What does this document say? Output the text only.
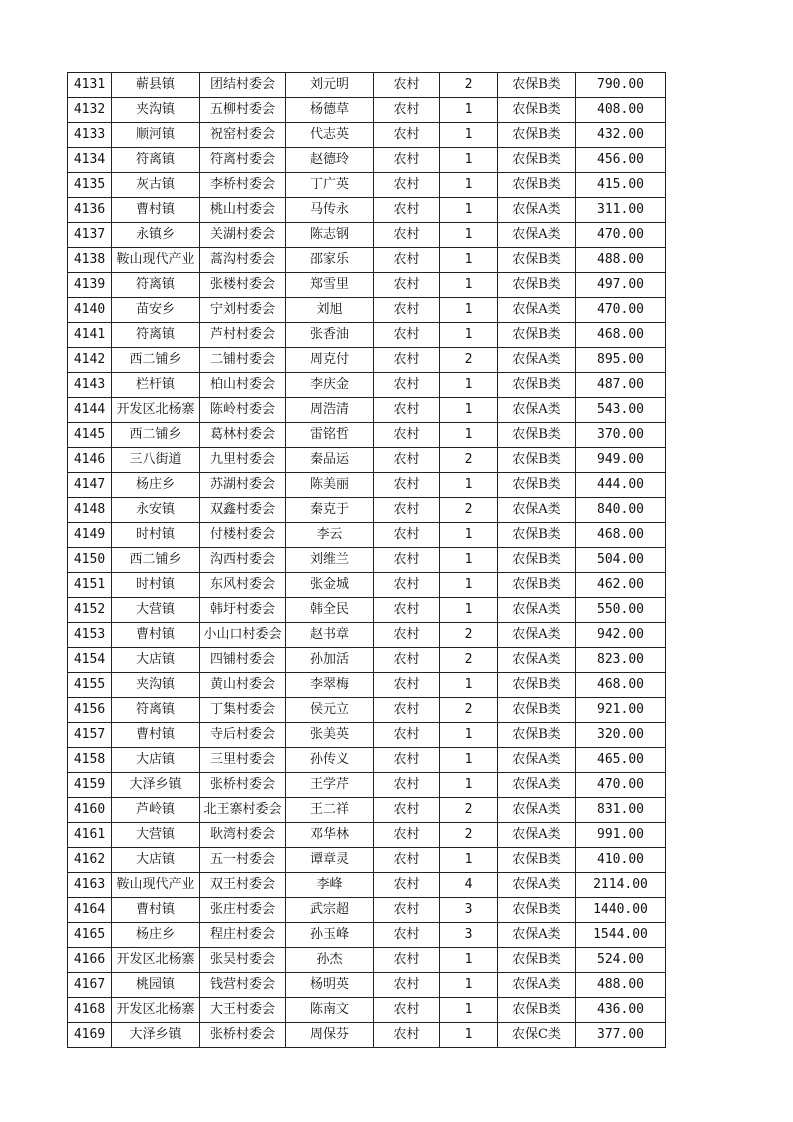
4131	蕲县镇	团结村委会	刘元明	农村	2	农保B类	790.00
4132	夹沟镇	五柳村委会	杨德草	农村	1	农保B类	408.00
4133	顺河镇	祝窑村委会	代志英	农村	1	农保B类	432.00
4134	符离镇	符离村委会	赵德玲	农村	1	农保B类	456.00
4135	灰古镇	李桥村委会	丁广英	农村	1	农保B类	415.00
4136	曹村镇	桃山村委会	马传永	农村	1	农保A类	311.00
4137	永镇乡	关湖村委会	陈志钢	农村	1	农保A类	470.00
4138	鞍山现代产业	蒿沟村委会	邵家乐	农村	1	农保B类	488.00
4139	符离镇	张楼村委会	郑雪里	农村	1	农保B类	497.00
4140	苗安乡	宁刘村委会	刘旭	农村	1	农保A类	470.00
4141	符离镇	芦村村委会	张香油	农村	1	农保B类	468.00
4142	西二铺乡	二铺村委会	周克付	农村	2	农保A类	895.00
4143	栏杆镇	柏山村委会	李庆金	农村	1	农保B类	487.00
4144	开发区北杨寨	陈岭村委会	周浩清	农村	1	农保A类	543.00
4145	西二铺乡	葛林村委会	雷铭哲	农村	1	农保B类	370.00
4146	三八街道	九里村委会	秦品运	农村	2	农保B类	949.00
4147	杨庄乡	苏湖村委会	陈美丽	农村	1	农保B类	444.00
4148	永安镇	双鑫村委会	秦克于	农村	2	农保A类	840.00
4149	时村镇	付楼村委会	李云	农村	1	农保B类	468.00
4150	西二铺乡	沟西村委会	刘维兰	农村	1	农保B类	504.00
4151	时村镇	东风村委会	张金城	农村	1	农保B类	462.00
4152	大营镇	韩圩村委会	韩全民	农村	1	农保A类	550.00
4153	曹村镇	小山口村委会	赵书章	农村	2	农保A类	942.00
4154	大店镇	四铺村委会	孙加活	农村	2	农保A类	823.00
4155	夹沟镇	黄山村委会	李翠梅	农村	1	农保B类	468.00
4156	符离镇	丁集村委会	侯元立	农村	2	农保B类	921.00
4157	曹村镇	寺后村委会	张美英	农村	1	农保B类	320.00
4158	大店镇	三里村委会	孙传义	农村	1	农保A类	465.00
4159	大泽乡镇	张桥村委会	王学芹	农村	1	农保A类	470.00
4160	芦岭镇	北王寨村委会	王二祥	农村	2	农保A类	831.00
4161	大营镇	耿湾村委会	邓华林	农村	2	农保A类	991.00
4162	大店镇	五一村委会	谭章灵	农村	1	农保B类	410.00
4163	鞍山现代产业	双王村委会	李峰	农村	4	农保A类	2114.00
4164	曹村镇	张庄村委会	武宗超	农村	3	农保B类	1440.00
4165	杨庄乡	程庄村委会	孙玉峰	农村	3	农保A类	1544.00
4166	开发区北杨寨	张吴村委会	孙杰	农村	1	农保B类	524.00
4167	桃园镇	钱营村委会	杨明英	农村	1	农保A类	488.00
4168	开发区北杨寨	大王村委会	陈南文	农村	1	农保B类	436.00
4169	大泽乡镇	张桥村委会	周保芬	农村	1	农保C类	377.00
